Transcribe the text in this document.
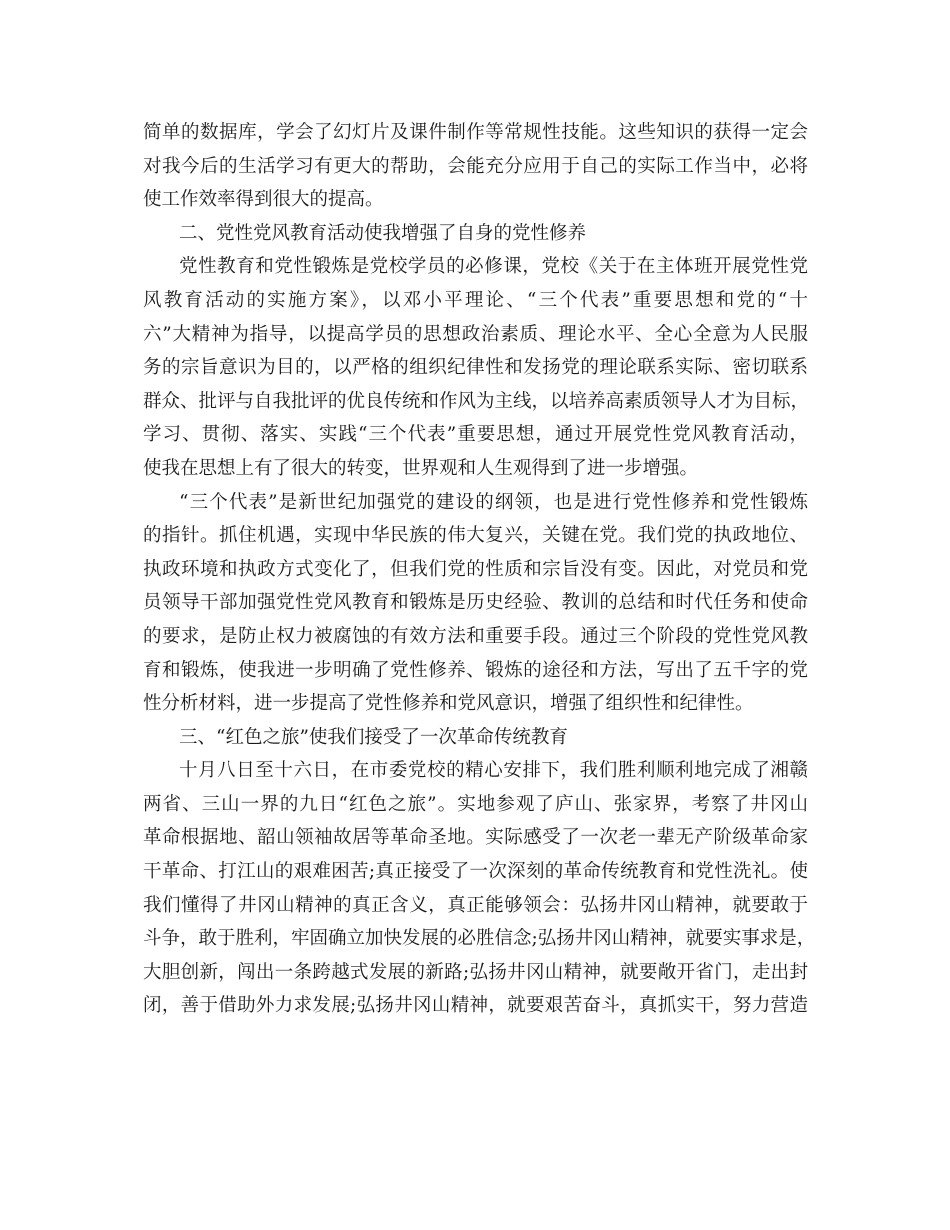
简单的数据库，学会了幻灯片及课件制作等常规性技能。这些知识的获得一定会
对我今后的生活学习有更大的帮助，会能充分应用于自己的实际工作当中，必将
使工作效率得到很大的提高。
二、党性党风教育活动使我增强了自身的党性修养
党性教育和党性锻炼是党校学员的必修课，党校《关于在主体班开展党性党
风教育活动的实施方案》，以邓小平理论、“三个代表”重要思想和党的“十
六”大精神为指导，以提高学员的思想政治素质、理论水平、全心全意为人民服
务的宗旨意识为目的，以严格的组织纪律性和发扬党的理论联系实际、密切联系
群众、批评与自我批评的优良传统和作风为主线，以培养高素质领导人才为目标，
学习、贯彻、落实、实践“三个代表”重要思想，通过开展党性党风教育活动，
使我在思想上有了很大的转变，世界观和人生观得到了进一步增强。
“三个代表”是新世纪加强党的建设的纲领，也是进行党性修养和党性锻炼
的指针。抓住机遇，实现中华民族的伟大复兴，关键在党。我们党的执政地位、
执政环境和执政方式变化了，但我们党的性质和宗旨没有变。因此，对党员和党
员领导干部加强党性党风教育和锻炼是历史经验、教训的总结和时代任务和使命
的要求，是防止权力被腐蚀的有效方法和重要手段。通过三个阶段的党性党风教
育和锻炼，使我进一步明确了党性修养、锻炼的途径和方法，写出了五千字的党
性分析材料，进一步提高了党性修养和党风意识，增强了组织性和纪律性。
三、“红色之旅”使我们接受了一次革命传统教育
十月八日至十六日，在市委党校的精心安排下，我们胜利顺利地完成了湘赣
两省、三山一界的九日“红色之旅”。实地参观了庐山、张家界，考察了井冈山
革命根据地、韶山领袖故居等革命圣地。实际感受了一次老一辈无产阶级革命家
干革命、打江山的艰难困苦;真正接受了一次深刻的革命传统教育和党性洗礼。使
我们懂得了井冈山精神的真正含义，真正能够领会：弘扬井冈山精神，就要敢于
斗争，敢于胜利，牢固确立加快发展的必胜信念;弘扬井冈山精神，就要实事求是，
大胆创新，闯出一条跨越式发展的新路;弘扬井冈山精神，就要敞开省门，走出封
闭，善于借助外力求发展;弘扬井冈山精神，就要艰苦奋斗，真抓实干，努力营造
